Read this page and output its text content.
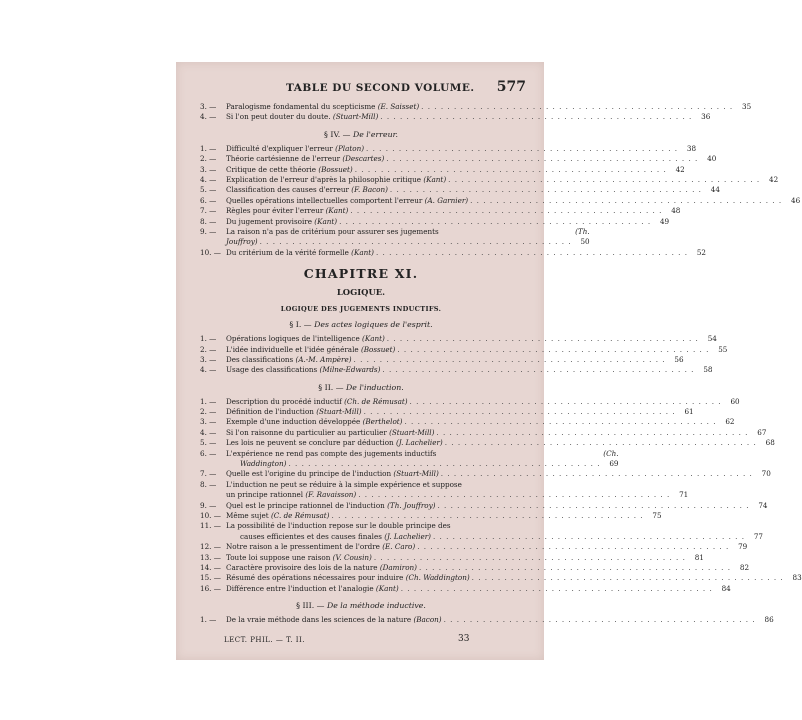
TABLE DU SECOND VOLUME. 577
3. —	Paralogisme fondamental du scepticisme (E. Saisset) . . .	35
4. —	Si l'on peut douter du doute. (Stuart-Mill) . . .	36
§ IV. — De l'erreur.
1. —	Difficulté d'expliquer l'erreur (Platon) . . .	38
2. —	Théorie cartésienne de l'erreur (Descartes) . . .	40
3. —	Critique de cette théorie (Bossuet) . . .	42
4. —	Explication de l'erreur d'après la philosophie critique (Kant) . . .	42
5. —	Classification des causes d'erreur (F. Bacon) . . .	44
6. —	Quelles opérations intellectuelles comportent l'erreur (A. Garnier) . . .	46
7. —	Règles pour éviter l'erreur (Kant) . . .	48
8. —	Du jugement provisoire (Kant) . . .	49
9. —	La raison n'a pas de critérium pour assurer ses jugements	(Th.
Jouffroy) . . .	50
10. — Du critérium de la vérité formelle (Kant) . . .	52
CHAPITRE XI.
LOGIQUE.
LOGIQUE DES JUGEMENTS INDUCTIFS.
§ I. — Des actes logiques de l'esprit.
1. —	Opérations logiques de l'intelligence (Kant) . . .	54
2. —	L'idée individuelle et l'idée générale (Bossuet) . . .	55
3. —	Des classifications (A.-M. Ampère) . . .	56
4. —	Usage des classifications (Milne-Edwards) . . .	58
§ II. — De l'induction.
1. —	Description du procédé inductif (Ch. de Rémusat) . . .	60
2. —	Définition de l'induction (Stuart-Mill) . . .	61
3. —	Exemple d'une induction développée (Berthelot) . . .	62
4. —	Si l'on raisonne du particulier au particulier (Stuart-Mill) . . .	67
5. —	Les lois ne peuvent se conclure par déduction (J. Lachelier) . . .	68
6. —	L'expérience ne rend pas compte des jugements inductifs	(Ch.
Waddington) . . .	69
7. —	Quelle est l'origine du principe de l'induction (Stuart-Mill) . . .	70
8. —	L'induction ne peut se réduire à la simple expérience et suppose
un principe rationnel
(F. Ravaisson) . . .	71
9. —	Quel est le principe rationnel de l'induction (Th. Jouffroy) . . .	74
10. — Même sujet (C. de Rémusat) . . .	75
11. — La possibilité de l'induction repose sur le double principe des
causes efficientes et des causes finales
(J. Lachelier) . . .	77
12. — Notre raison a le pressentiment de l'ordre (E. Caro) . . .	79
13. — Toute loi suppose une raison (V. Cousin) . . .	81
14. — Caractère provisoire des lois de la nature (Damiron) . . .	82
15. — Résumé des opérations nécessaires pour induire (Ch. Waddington) . . .	83
16. — Différence entre l'induction et l'analogie (Kant) . . .	84
§ III. — De la méthode inductive.
1. —	De la vraie méthode dans les sciences de la nature (Bacon) . . .	86
LECT. PHIL. — T. II.	33
